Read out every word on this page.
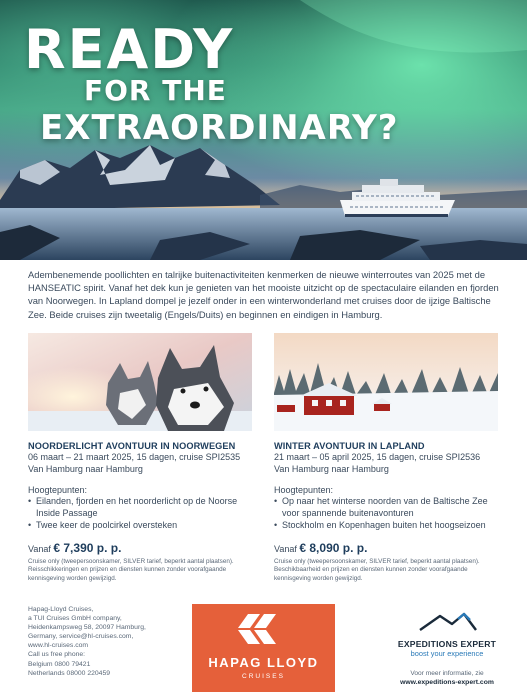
READY
FOR THE
EXTRAORDINARY?

Adembenemende poollichten en talrijke buitenactiviteiten kenmerken de nieuwe winterroutes van 2025 met de HANSEATIC spirit. Vanaf het dek kun je genieten van het mooiste uitzicht op de spectaculaire eilanden en fjorden van Noorwegen. In Lapland dompel je jezelf onder in een winterwonderland met cruises door de ijzige Baltische Zee. Beide cruises zijn tweetalig (Engels/Duits) en beginnen en eindigen in Hamburg.

NOORDERLICHT AVONTUUR IN NOORWEGEN
06 maart – 21 maart 2025, 15 dagen, cruise SPI2535
Van Hamburg naar Hamburg
Hoogtepunten:
• Eilanden, fjorden en het noorderlicht op de Noorse Inside Passage
• Twee keer de poolcirkel oversteken
Vanaf € 7,390 p. p.
Cruise only (tweepersoonskamer, SILVER tarief, beperkt aantal plaatsen). Reisschikkeringen en prijzen en diensten kunnen zonder voorafgaande kennisgeving worden gewijzigd.
WINTER AVONTUUR IN LAPLAND
21 maart – 05 april 2025, 15 dagen, cruise SPI2536
Van Hamburg naar Hamburg
Hoogtepunten:
• Op naar het winterse noorden van de Baltische Zee voor spannende buitenavonturen
• Stockholm en Kopenhagen buiten het hoogseizoen
Vanaf € 8,090 p. p.
Cruise only (tweepersoonskamer, SILVER tarief, beperkt aantal plaatsen). Beschikbaarheid en prijzen en diensten kunnen zonder voorafgaande kennisgeving worden gewijzigd.
Hapag-Lloyd Cruises,
a TUI Cruises GmbH company,
Heidenkampsweg 58, 20097 Hamburg,
Germany, service@hl-cruises.com,
www.hl-cruises.com
Call us free phone:
Belgium 0800 79421
Netherlands 08000 220459
HAPAG LLOYD
CRUISES
EXPEDITIONS EXPERT
boost your experience
Voor meer informatie, zie
www.expeditions-expert.com
